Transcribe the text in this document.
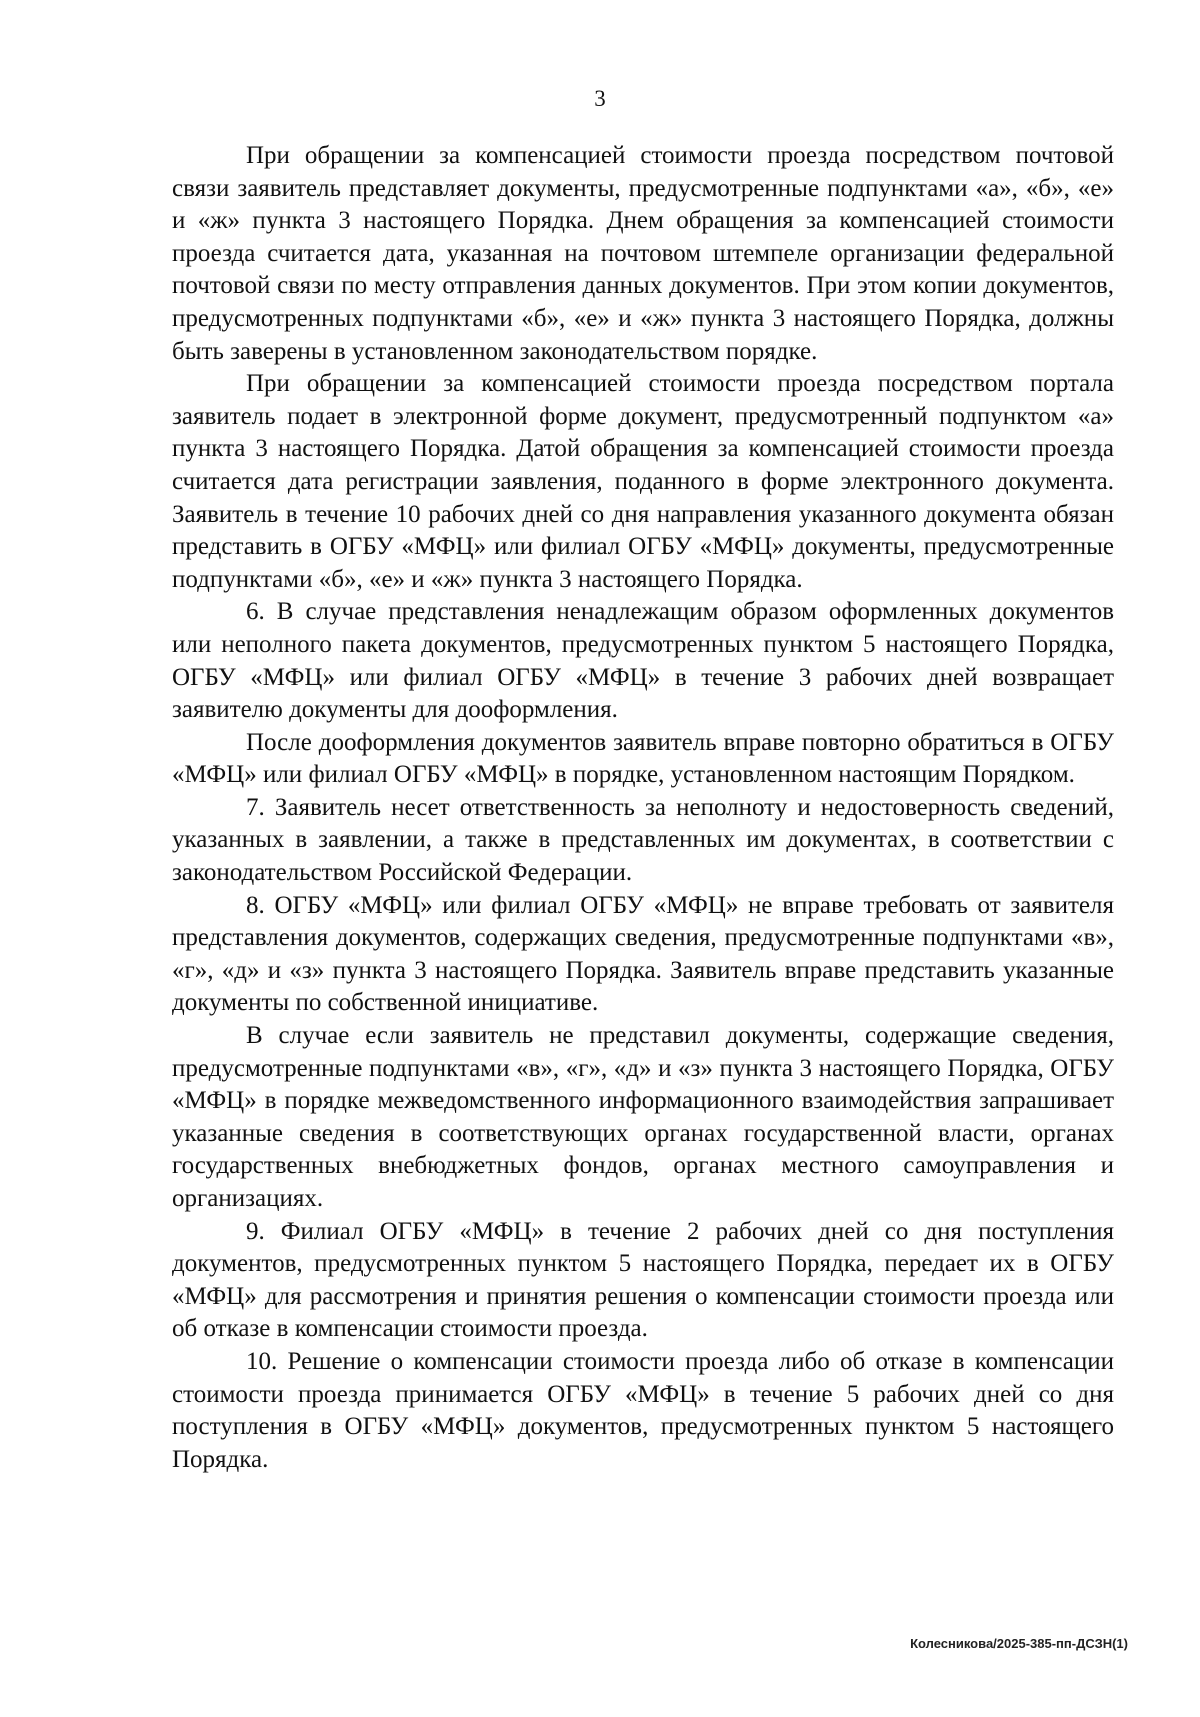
3

При обращении за компенсацией стоимости проезда посредством почтовой связи заявитель представляет документы, предусмотренные подпунктами «а», «б», «е» и «ж» пункта 3 настоящего Порядка. Днем обращения за компенсацией стоимости проезда считается дата, указанная на почтовом штемпеле организации федеральной почтовой связи по месту отправления данных документов. При этом копии документов, предусмотренных подпунктами «б», «е» и «ж» пункта 3 настоящего Порядка, должны быть заверены в установленном законодательством порядке.

При обращении за компенсацией стоимости проезда посредством портала заявитель подает в электронной форме документ, предусмотренный подпунктом «а» пункта 3 настоящего Порядка. Датой обращения за компенсацией стоимости проезда считается дата регистрации заявления, поданного в форме электронного документа. Заявитель в течение 10 рабочих дней со дня направления указанного документа обязан представить в ОГБУ «МФЦ» или филиал ОГБУ «МФЦ» документы, предусмотренные подпунктами «б», «е» и «ж» пункта 3 настоящего Порядка.

6. В случае представления ненадлежащим образом оформленных документов или неполного пакета документов, предусмотренных пунктом 5 настоящего Порядка, ОГБУ «МФЦ» или филиал ОГБУ «МФЦ» в течение 3 рабочих дней возвращает заявителю документы для дооформления.

После дооформления документов заявитель вправе повторно обратиться в ОГБУ «МФЦ» или филиал ОГБУ «МФЦ» в порядке, установленном настоящим Порядком.

7. Заявитель несет ответственность за неполноту и недостоверность сведений, указанных в заявлении, а также в представленных им документах, в соответствии с законодательством Российской Федерации.

8. ОГБУ «МФЦ» или филиал ОГБУ «МФЦ» не вправе требовать от заявителя представления документов, содержащих сведения, предусмотренные подпунктами «в», «г», «д» и «з» пункта 3 настоящего Порядка. Заявитель вправе представить указанные документы по собственной инициативе.

В случае если заявитель не представил документы, содержащие сведения, предусмотренные подпунктами «в», «г», «д» и «з» пункта 3 настоящего Порядка, ОГБУ «МФЦ» в порядке межведомственного информационного взаимодействия запрашивает указанные сведения в соответствующих органах государственной власти, органах государственных внебюджетных фондов, органах местного самоуправления и организациях.

9. Филиал ОГБУ «МФЦ» в течение 2 рабочих дней со дня поступления документов, предусмотренных пунктом 5 настоящего Порядка, передает их в ОГБУ «МФЦ» для рассмотрения и принятия решения о компенсации стоимости проезда или об отказе в компенсации стоимости проезда.

10. Решение о компенсации стоимости проезда либо об отказе в компенсации стоимости проезда принимается ОГБУ «МФЦ» в течение 5 рабочих дней со дня поступления в ОГБУ «МФЦ» документов, предусмотренных пунктом 5 настоящего Порядка.

Колесникова/2025-385-пп-ДСЗН(1)
